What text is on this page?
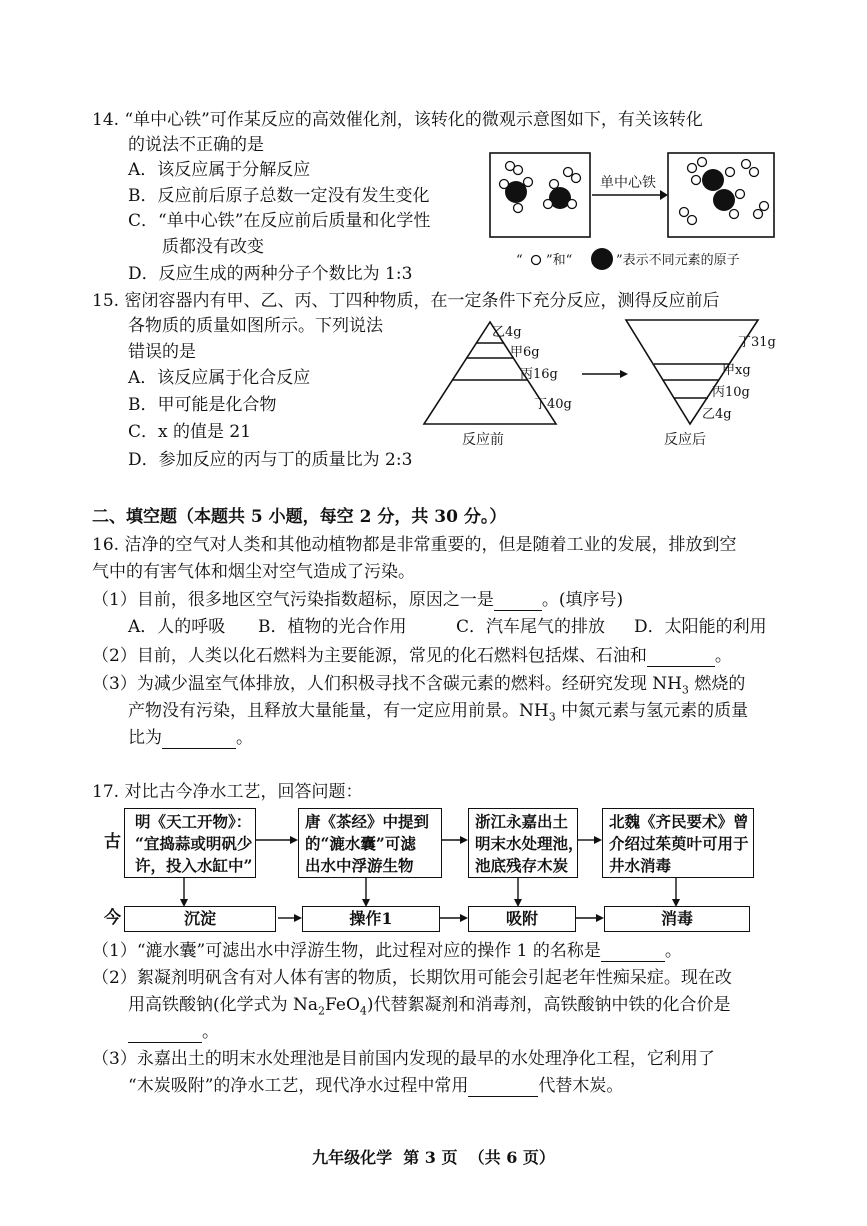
14. “单中心铁”可作某反应的高效催化剂，该转化的微观示意图如下，有关该转化
的说法不正确的是
A．该反应属于分解反应
B．反应前后原子总数一定没有发生变化
C．“单中心铁”在反应前后质量和化学性
质都没有改变
D．反应生成的两种分子个数比为 1:3
单中心铁
“ ”和“	”表示不同元素的原子
15. 密闭容器内有甲、乙、丙、丁四种物质，在一定条件下充分反应，测得反应前后
各物质的质量如图所示。下列说法
错误的是
A．该反应属于化合反应
B．甲可能是化合物
C．x 的值是 21
D．参加反应的丙与丁的质量比为 2:3
乙4g
甲6g
丙16g
丁40g
反应前
丁31g
甲xg
丙10g
乙4g
反应后
二、填空题（本题共 5 小题，每空 2 分，共 30 分。）
16. 洁净的空气对人类和其他动植物都是非常重要的，但是随着工业的发展，排放到空
气中的有害气体和烟尘对空气造成了污染。
（1）目前，很多地区空气污染指数超标，原因之一是	。(填序号)
A．人的呼吸 B．植物的光合作用	C．汽车尾气的排放 D．太阳能的利用
（2）目前，人类以化石燃料为主要能源，常见的化石燃料包括煤、石油和	。
（3）为减少温室气体排放，人们积极寻找不含碳元素的燃料。经研究发现 $NH_3$ 燃烧的
产物没有污染，且释放大量能量，有一定应用前景。$NH_3$ 中氮元素与氢元素的质量
比为	。
17. 对比古今净水工艺，回答问题：
古
今
明《天工开物》：
“宜捣蒜或明矾少
许，投入水缸中”
唐《茶经》中提到
的“漉水囊”可滤
出水中浮游生物
浙江永嘉出土
明末水处理池，
池底残存木炭
北魏《齐民要术》曾
介绍过茱萸叶可用于
井水消毒
沉淀	操作1	吸附	消毒
（1）“漉水囊”可滤出水中浮游生物，此过程对应的操作 1 的名称是	。
（2）絮凝剂明矾含有对人体有害的物质，长期饮用可能会引起老年性痴呆症。现在改
用高铁酸钠(化学式为 $Na_2FeO_4$)代替絮凝剂和消毒剂，高铁酸钠中铁的化合价是
。
（3）永嘉出土的明末水处理池是目前国内发现的最早的水处理净化工程，它利用了
“木炭吸附”的净水工艺，现代净水过程中常用	代替木炭。
九年级化学  第 3 页  （共 6 页）
